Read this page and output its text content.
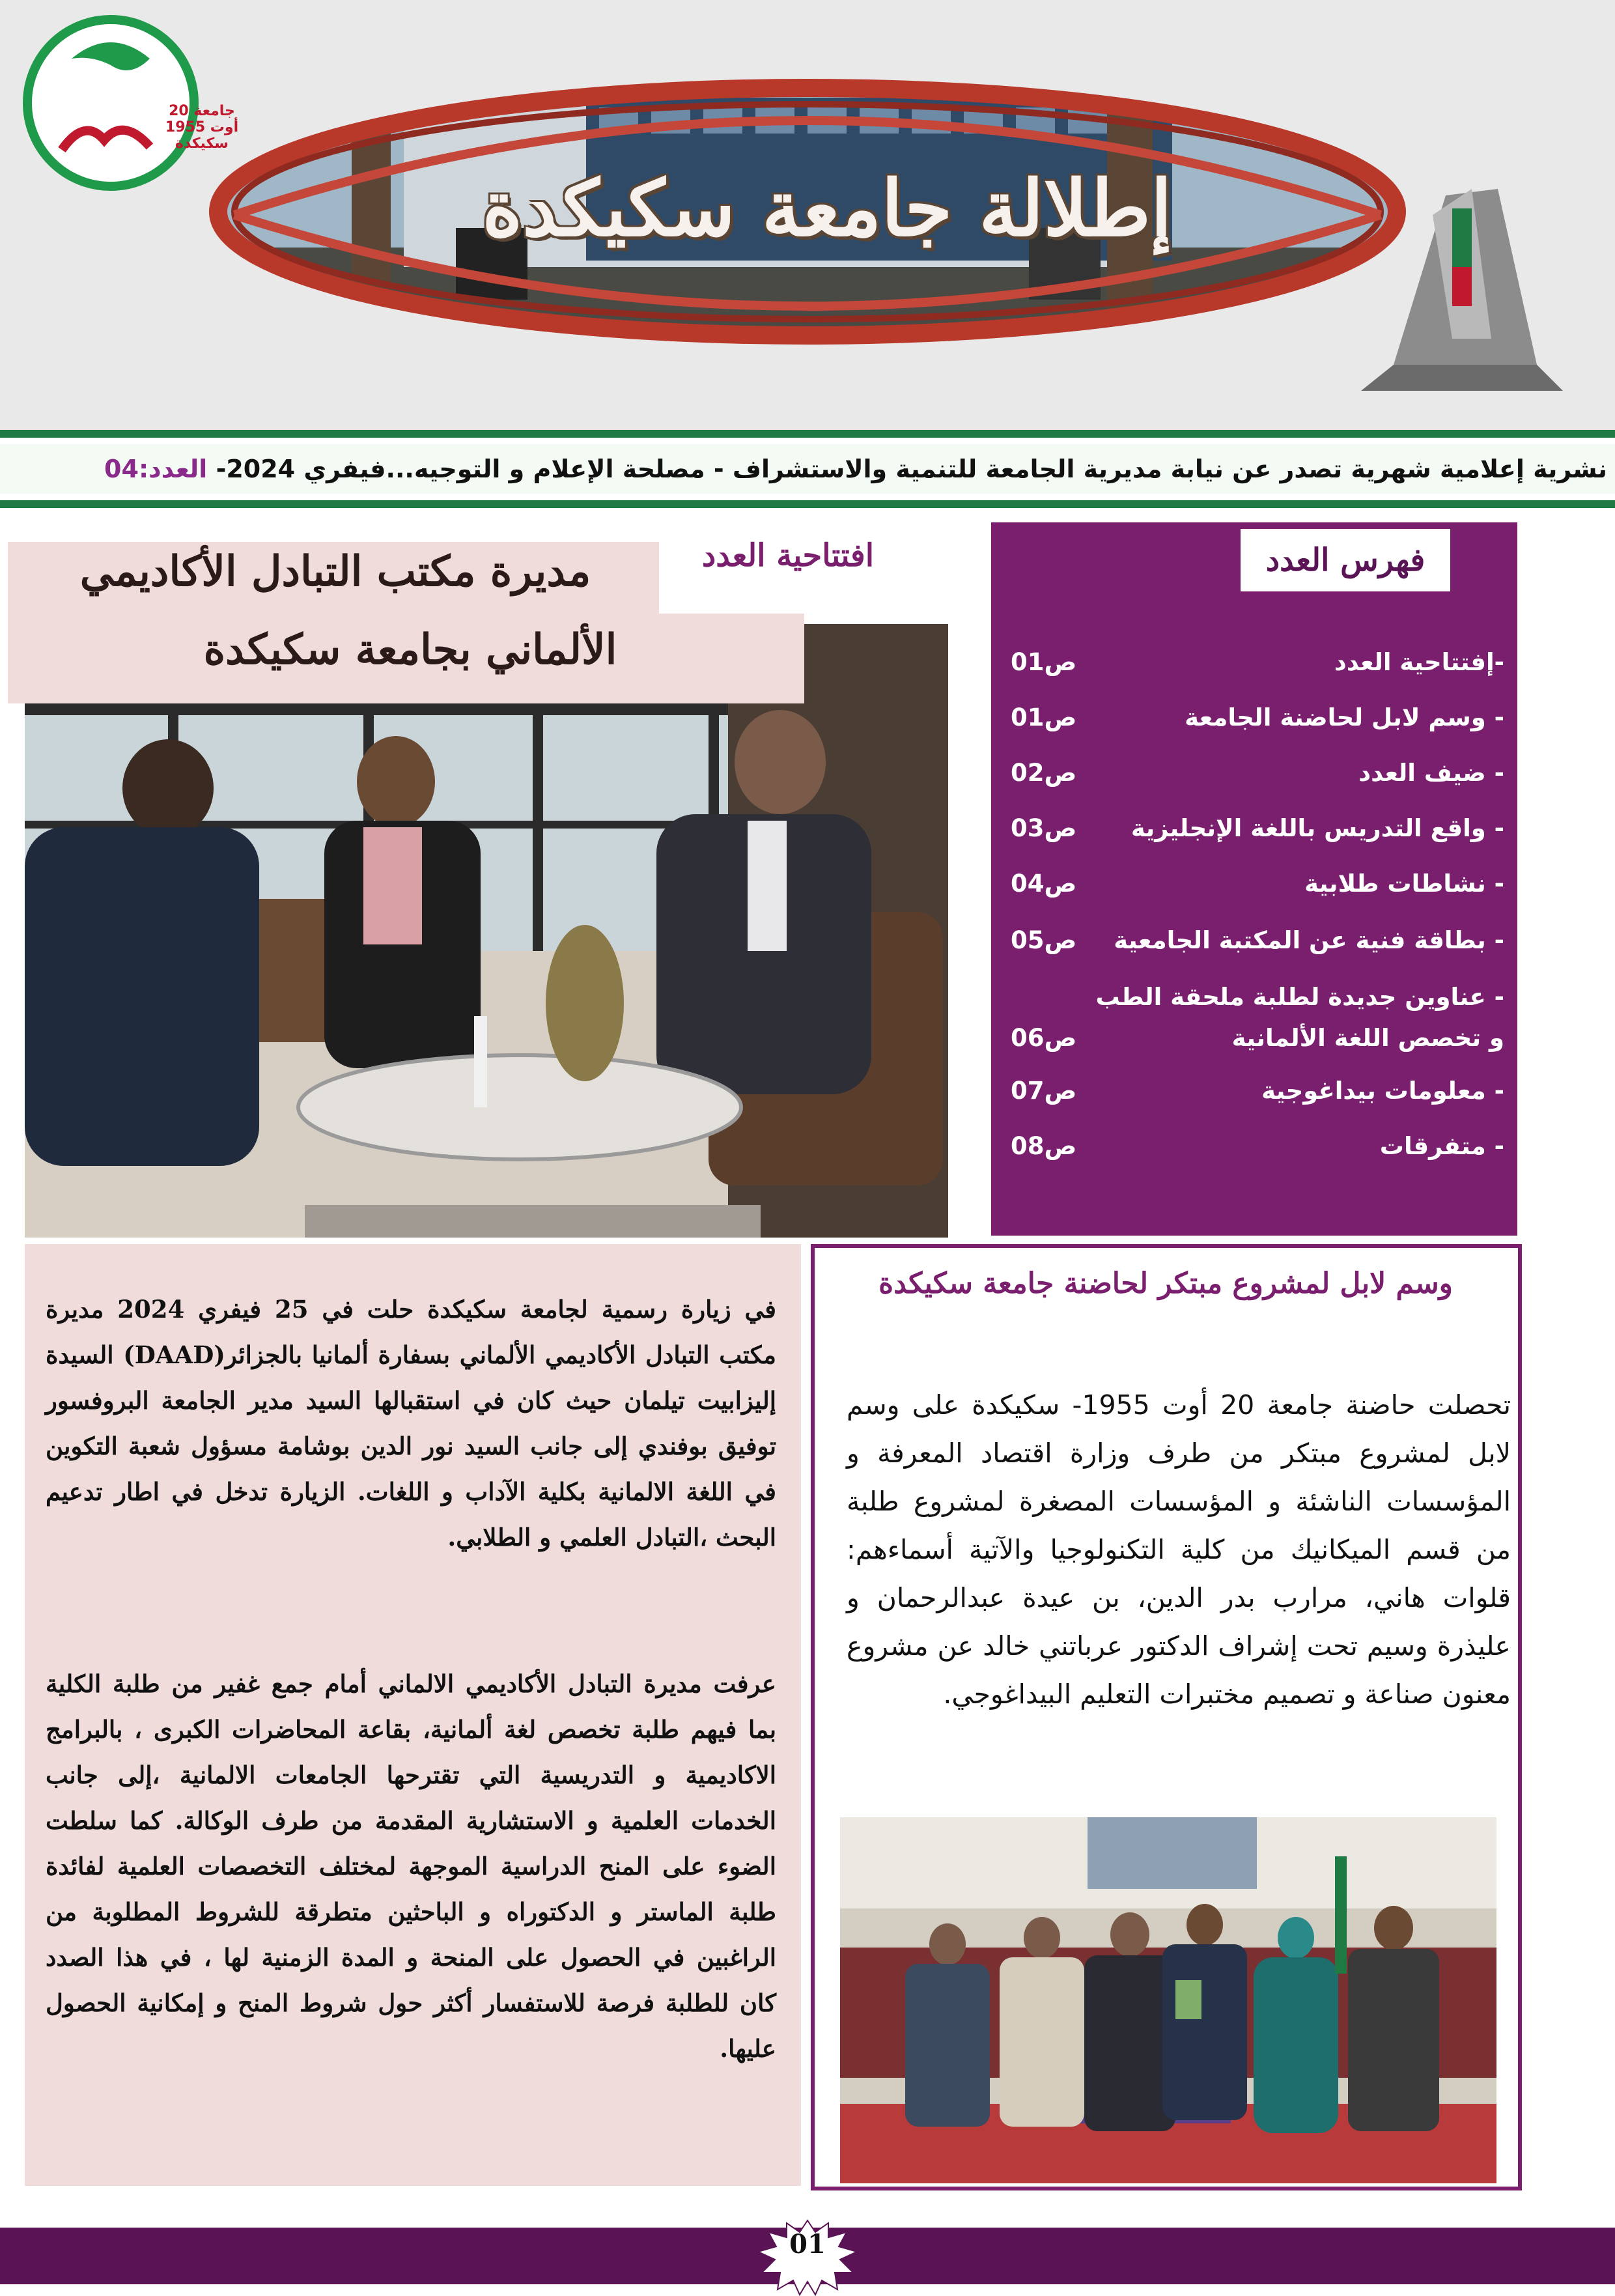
جامعة 20 أوت 1955 سكيكدة
إطلالة جامعة سكيكدة
نشرية إعلامية شهرية تصدر عن نيابة مديرية الجامعة للتنمية والاستشراف - مصلحة الإعلام و التوجيه...فيفري 2024- العدد:04
فهرس العدد
-إفتتاحية العدد
ص01
- وسم لابل لحاضنة الجامعة
ص01
- ضيف العدد
ص02
- واقع التدريس باللغة الإنجليزية
ص03
- نشاطات طلابية
ص04
- بطاقة فنية عن المكتبة الجامعية
ص05
- عناوين جديدة لطلبة ملحقة الطب
و تخصص اللغة الألمانية
ص06
- معلومات بيداغوجية
ص07
- متفرقات
ص08
افتتاحية العدد
مديرة مكتب التبادل الأكاديمي
الألماني بجامعة سكيكدة
في زيارة رسمية لجامعة سكيكدة حلت في 25 فيفري 2024 مديرة مكتب التبادل الأكاديمي الألماني بسفارة ألمانيا بالجزائر(DAAD) السيدة إليزابيت تيلمان حيث كان في استقبالها السيد مدير الجامعة البروفسور توفيق بوفندي إلى جانب السيد نور الدين بوشامة مسؤول شعبة التكوين في اللغة الالمانية بكلية الآداب و اللغات. الزيارة تدخل في اطار تدعيم البحث ،التبادل العلمي و الطلابي.
عرفت مديرة التبادل الأكاديمي الالماني أمام جمع غفير من طلبة الكلية بما فيهم طلبة تخصص لغة ألمانية، بقاعة المحاضرات الكبرى ، بالبرامج الاكاديمية و التدريسية التي تقترحها الجامعات الالمانية ،إلى جانب الخدمات العلمية و الاستشارية المقدمة من طرف الوكالة. كما سلطت الضوء على المنح الدراسية الموجهة لمختلف التخصصات العلمية لفائدة طلبة الماستر و الدكتوراه و الباحثين متطرقة للشروط المطلوبة من الراغبين في الحصول على المنحة و المدة الزمنية لها ، في هذا الصدد كان للطلبة فرصة للاستفسار أكثر حول شروط المنح و إمكانية الحصول عليها.
وسم لابل لمشروع مبتكر لحاضنة جامعة سكيكدة
تحصلت حاضنة جامعة 20 أوت 1955- سكيكدة على وسم لابل لمشروع مبتكر من طرف وزارة اقتصاد المعرفة و المؤسسات الناشئة و المؤسسات المصغرة لمشروع طلبة من قسم الميكانيك من كلية التكنولوجيا والآتية أسماءهم: قلوات هاني، مرارب بدر الدين، بن عيدة عبدالرحمان و عليذرة وسيم تحت إشراف الدكتور عرباتني خالد عن مشروع معنون صناعة و تصميم مختبرات التعليم البيداغوجي.
01
